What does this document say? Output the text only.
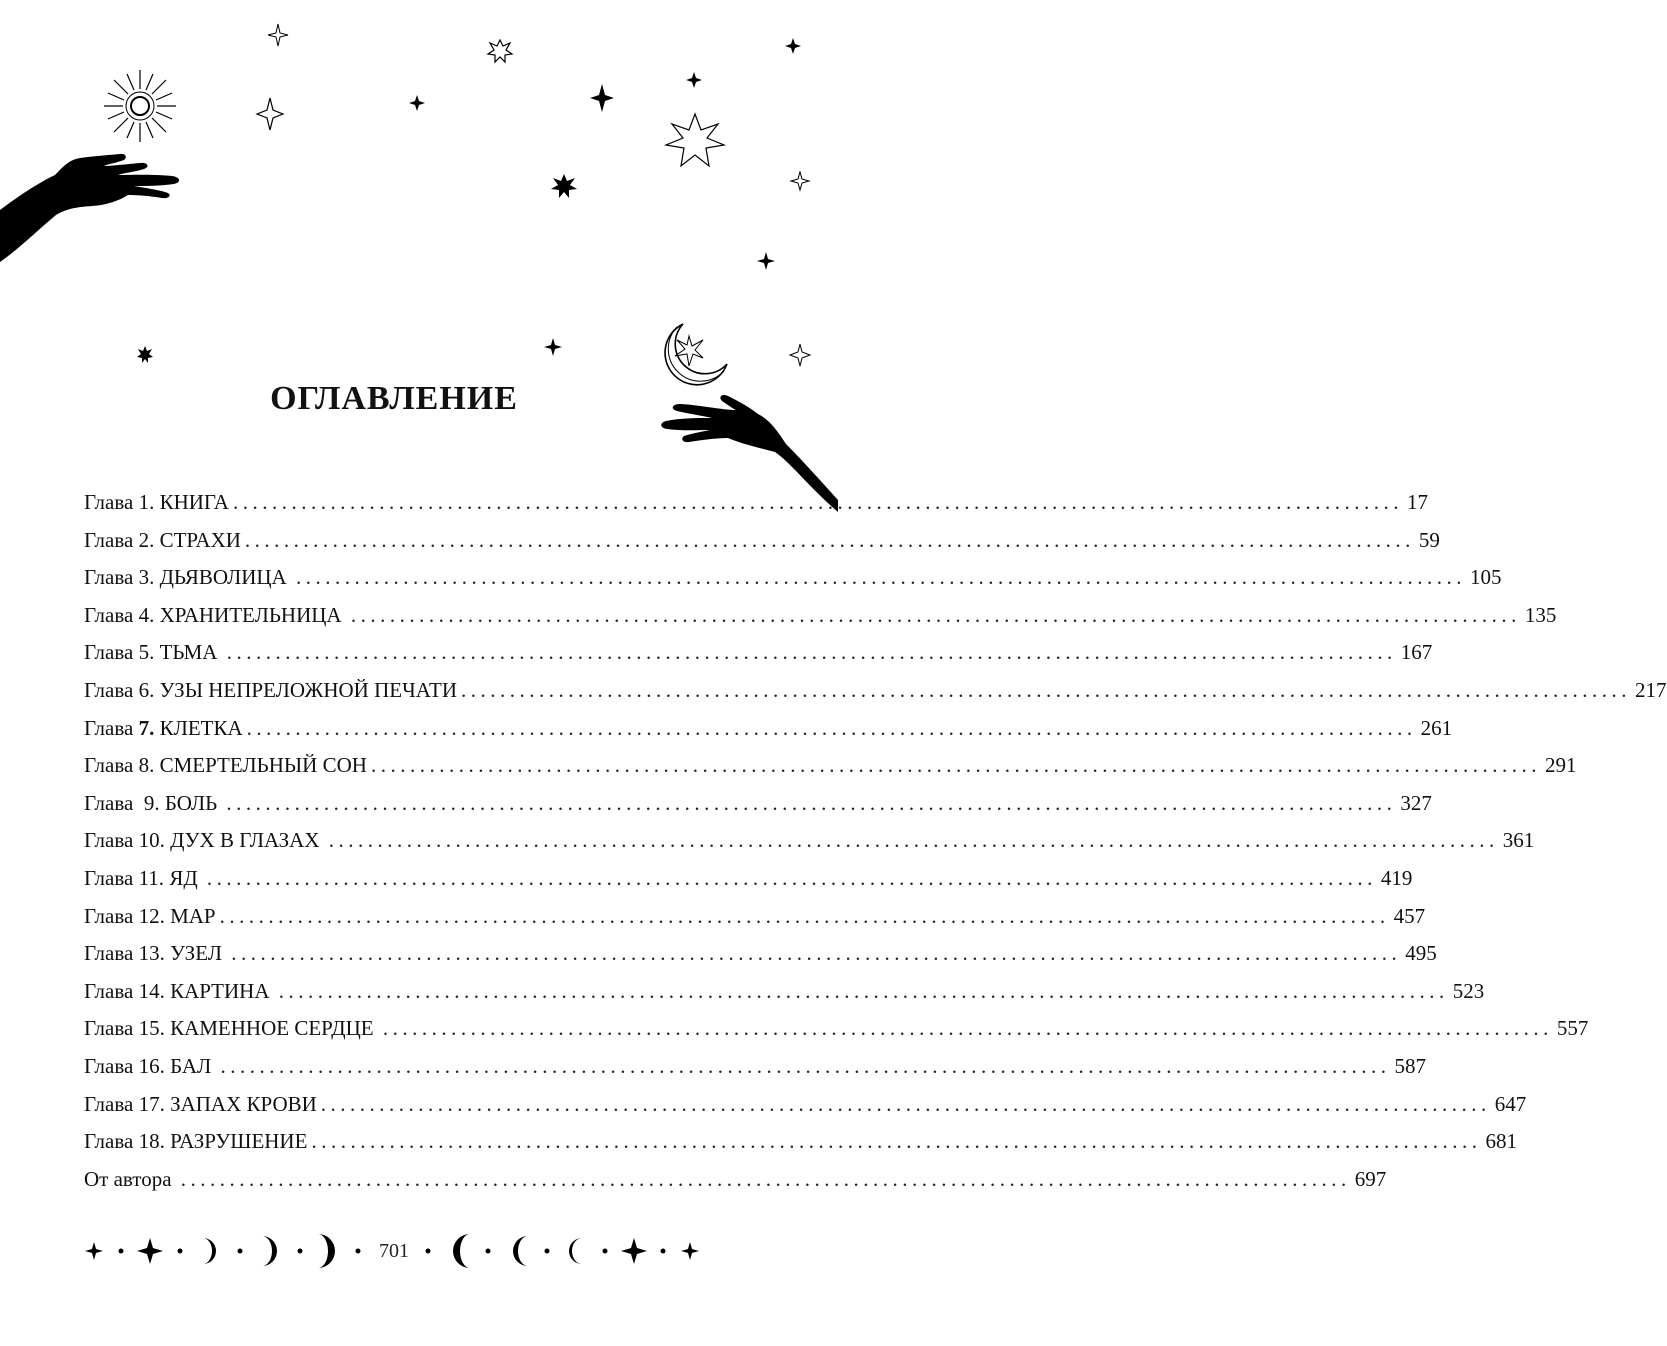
ОГЛАВЛЕНИЕ
Глава 1. КНИГА ........................................................................................................................ 17
Глава 2. СТРАХИ ........................................................................................................................ 59
Глава 3. ДЬЯВОЛИЦА ........................................................................................................................ 105
Глава 4. ХРАНИТЕЛЬНИЦА ........................................................................................................................ 135
Глава 5. ТЬМА ........................................................................................................................ 167
Глава 6. УЗЫ НЕПРЕЛОЖНОЙ ПЕЧАТИ ........................................................................................................................ 217
Глава 7. КЛЕТКА ........................................................................................................................ 261
Глава 8. СМЕРТЕЛЬНЫЙ СОН ........................................................................................................................ 291
Глава  9. БОЛЬ ........................................................................................................................ 327
Глава 10. ДУХ В ГЛАЗАХ ........................................................................................................................ 361
Глава 11. ЯД ........................................................................................................................ 419
Глава 12. МАР ........................................................................................................................ 457
Глава 13. УЗЕЛ ........................................................................................................................ 495
Глава 14. КАРТИНА ........................................................................................................................ 523
Глава 15. КАМЕННОЕ СЕРДЦЕ ........................................................................................................................ 557
Глава 16. БАЛ ........................................................................................................................ 587
Глава 17. ЗАПАХ КРОВИ ........................................................................................................................ 647
Глава 18. РАЗРУШЕНИЕ ........................................................................................................................ 681
От автора ........................................................................................................................ 697
701
